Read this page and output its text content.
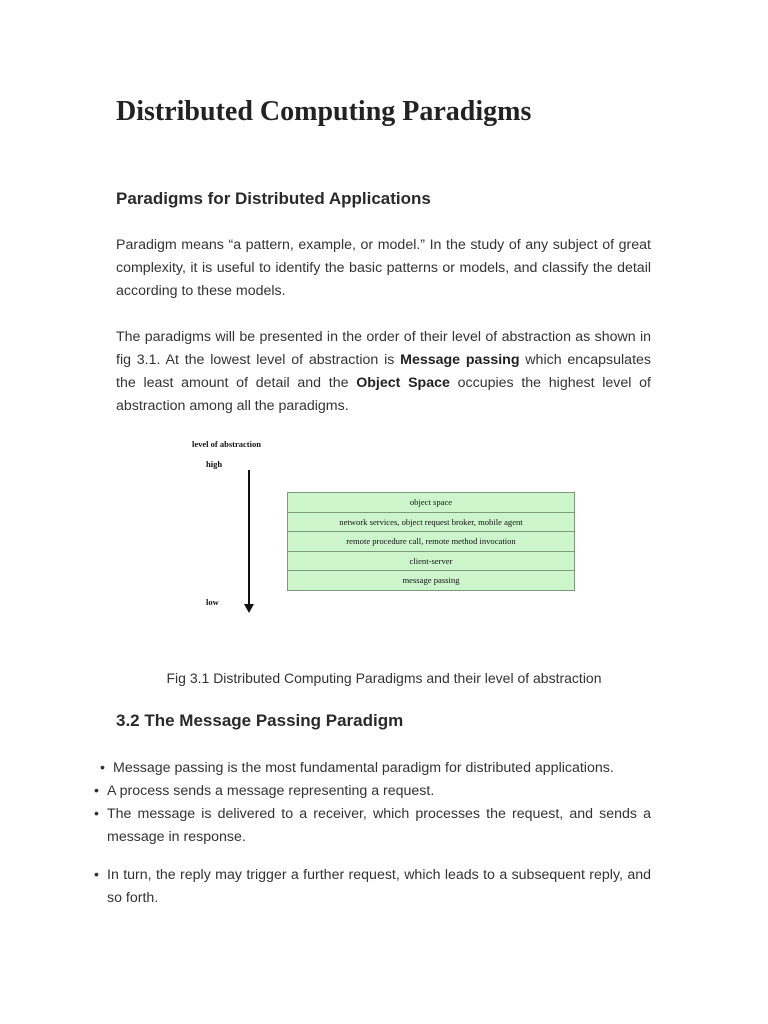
Distributed Computing Paradigms
Paradigms for Distributed Applications

Paradigm means “a pattern, example, or model.” In the study of any subject of great complexity, it is useful to identify the basic patterns or models, and classify the detail according to these models.

The paradigms will be presented in the order of their level of abstraction as shown in fig 3.1. At the lowest level of abstraction is Message passing which encapsulates the least amount of detail and the Object Space occupies the highest level of abstraction among all the paradigms.

level of abstraction
high
low
object space
network services, object request broker, mobile agent
remote procedure call, remote method invocation
client-server
message passing

Fig 3.1 Distributed Computing Paradigms and their level of abstraction

3.2 The Message Passing Paradigm
• Message passing is the most fundamental paradigm for distributed applications.
• A process sends a message representing a request.
• The message is delivered to a receiver, which processes the request, and sends a message in response.
• In turn, the reply may trigger a further request, which leads to a subsequent reply, and so forth.
